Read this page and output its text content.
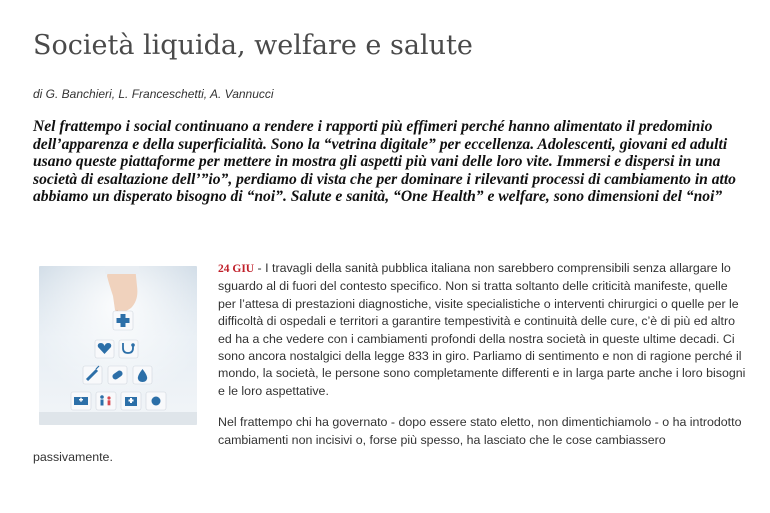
Società liquida, welfare e salute
di G. Banchieri, L. Franceschetti, A. Vannucci

Nel frattempo i social continuano a rendere i rapporti più effimeri perché hanno alimentato il predominio dell’apparenza e della superficialità. Sono la “vetrina digitale” per eccellenza. Adolescenti, giovani ed adulti usano queste piattaforme per mettere in mostra gli aspetti più vani delle loro vite. Immersi e dispersi in una società di esaltazione dell’”io”, perdiamo di vista che per dominare i rilevanti processi di cambiamento in atto abbiamo un disperato bisogno di “noi”. Salute e sanità, “One Health” e welfare, sono dimensioni del “noi”

24 GIU - I travagli della sanità pubblica italiana non sarebbero comprensibili senza allargare lo sguardo al di fuori del contesto specifico. Non si tratta soltanto delle criticità manifeste, quelle per l’attesa di prestazioni diagnostiche, visite specialistiche o interventi chirurgici o quelle per le difficoltà di ospedali e territori a garantire tempestività e continuità delle cure, c’è di più ed altro ed ha a che vedere con i cambiamenti profondi della nostra società in queste ultime decadi. Ci sono ancora nostalgici della legge 833 in giro. Parliamo di sentimento e non di ragione perché il mondo, la società, le persone sono completamente differenti e in larga parte anche i loro bisogni e le loro aspettative.

Nel frattempo chi ha governato - dopo essere stato eletto, non dimentichiamolo - o ha introdotto cambiamenti non incisivi o, forse più spesso, ha lasciato che le cose cambiassero passivamente.
